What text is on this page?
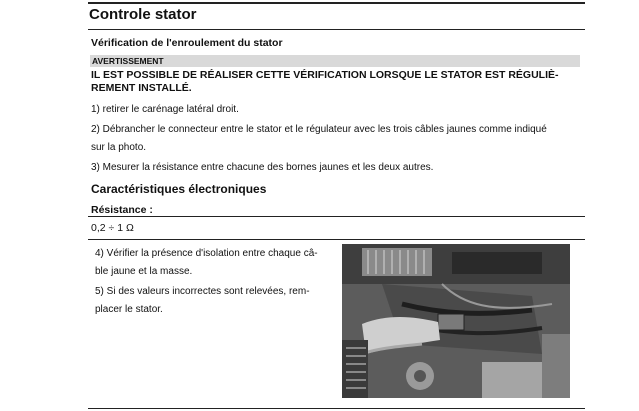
Controle stator
Vérification de l'enroulement du stator
AVERTISSEMENT
IL EST POSSIBLE DE RÉALISER CETTE VÉRIFICATION LORSQUE LE STATOR EST RÉGULIÈ-
REMENT INSTALLÉ.
1) retirer le carénage latéral droit.
2) Débrancher le connecteur entre le stator et le régulateur avec les trois câbles jaunes comme indiqué
sur la photo.
3) Mesurer la résistance entre chacune des bornes jaunes et les deux autres.
Caractéristiques électroniques
Résistance :
0,2 ÷ 1 Ω
4) Vérifier la présence d'isolation entre chaque câ-
ble jaune et la masse.
5) Si des valeurs incorrectes sont relevées, rem-
placer le stator.
